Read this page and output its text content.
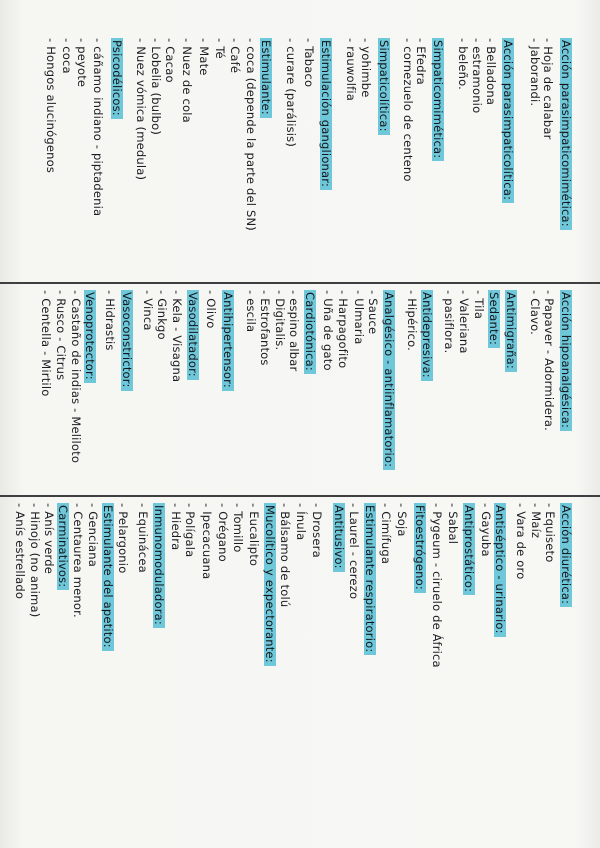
Acción parasimpaticomimética:
- Hoja de calabar
- Jaborandi.
Acción parasimpaticolítica:
- Belladona
- estramonio
- beleño.
Simpaticomimética:
- Efedra
- cornezuelo de centeno
Simpaticolítica:
- yohimbe
- rauwolfia
Estimulación ganglionar:
- Tabaco
- curare (parálisis)
Estimulante:
- coca (depende la parte del SN)
- Café
- Té
- Mate
- Nuez de cola
- Cacao
- Lobelia (bulbo)
- Nuez vómica (medula)
Psicodélicos:
- cáñamo indiano - piptadenia
- peyote
- coca
- Hongos alucinógenos
Acción hipoanalgésica:
- Papaver - Adormidera.
- Clavo.
Antimigraña:
Sedante:
- Tila
- Valeriana
- pasiflora.
Antidepresiva:
- Hipérico.
Analgésico - antiinflamatorio:
- Sauce
- Ulmaria
- Harpagofito
- Uña de gato
Cardiotónica:
- espino albar
- Digitalis.
- Estrofantos
- escila
Antihipertensor:
- Olivo
Vasodilatador:
- Kela - Visagna
- Ginkgo
- Vinca
Vasoconstrictor:
- Hidrastis
Venoprotector:
- Castaño de indias - Meliloto
- Rusco - Citrus
- Centella - Mirtilo
Acción diurética:
- Equiseto
- Maíz
- Vara de oro
Antiséptico - urinario:
- Gayuba
Antiprostático:
- Sabal
- Pygeum - ciruelo de África
Fitoestrógeno:
- Soja
- Cimífuga
Estimulante respiratorio:
- Laurel - cerezo
Antitusivo:
- Drosera
- Ínula
- Bálsamo de tolú
Mucolítico y expectorante:
- Eucalipto
- Tomillo
- Orégano
- Ipecacuana
- Polígala
- Hiedra
Inmunomoduladora:
- Equinácea
- Pelargonio
Estimulante del apetito:
- Genciana
- Centaurea menor.
Carminativos:
- Anís verde
- Hinojo (no anima)
- Anís estrellado
